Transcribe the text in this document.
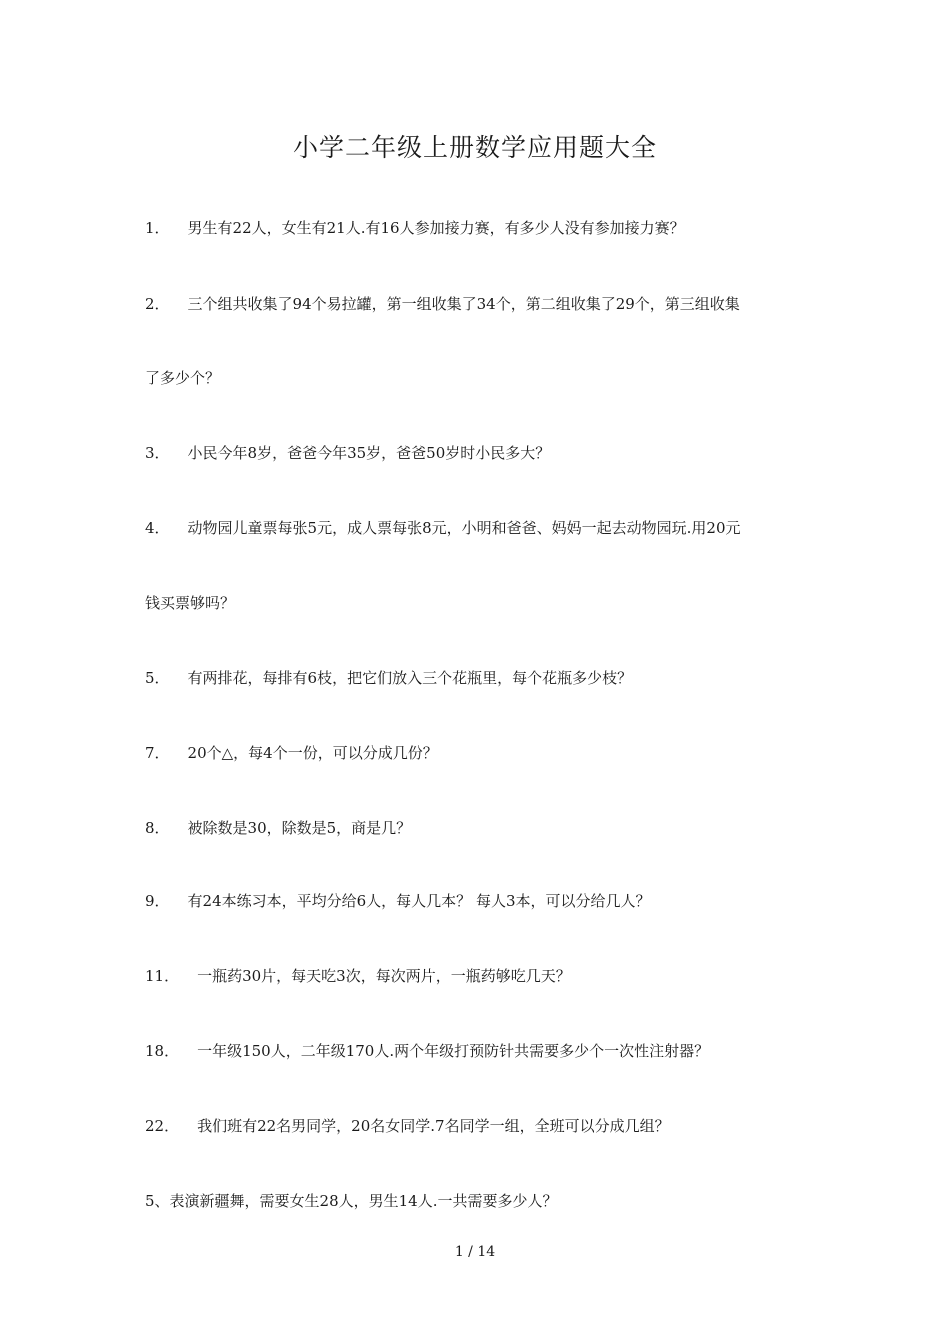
小学二年级上册数学应用题大全
1． 男生有22人，女生有21人.有16人参加接力赛，有多少人没有参加接力赛？
2． 三个组共收集了94个易拉罐，第一组收集了34个，第二组收集了29个，第三组收集
了多少个？
3． 小民今年8岁，爸爸今年35岁，爸爸50岁时小民多大？
4． 动物园儿童票每张5元，成人票每张8元，小明和爸爸、妈妈一起去动物园玩.用20元
钱买票够吗？
5． 有两排花，每排有6枝，把它们放入三个花瓶里，每个花瓶多少枝？
7． 20个△，每4个一份，可以分成几份？
8． 被除数是30，除数是5，商是几？
9． 有24本练习本，平均分给6人，每人几本？ 每人3本，可以分给几人？
11． 一瓶药30片，每天吃3次，每次两片，一瓶药够吃几天？
18． 一年级150人，二年级170人.两个年级打预防针共需要多少个一次性注射器？
22． 我们班有22名男同学，20名女同学.7名同学一组，全班可以分成几组？
5、表演新疆舞，需要女生28人，男生14人.一共需要多少人？
1 / 14
